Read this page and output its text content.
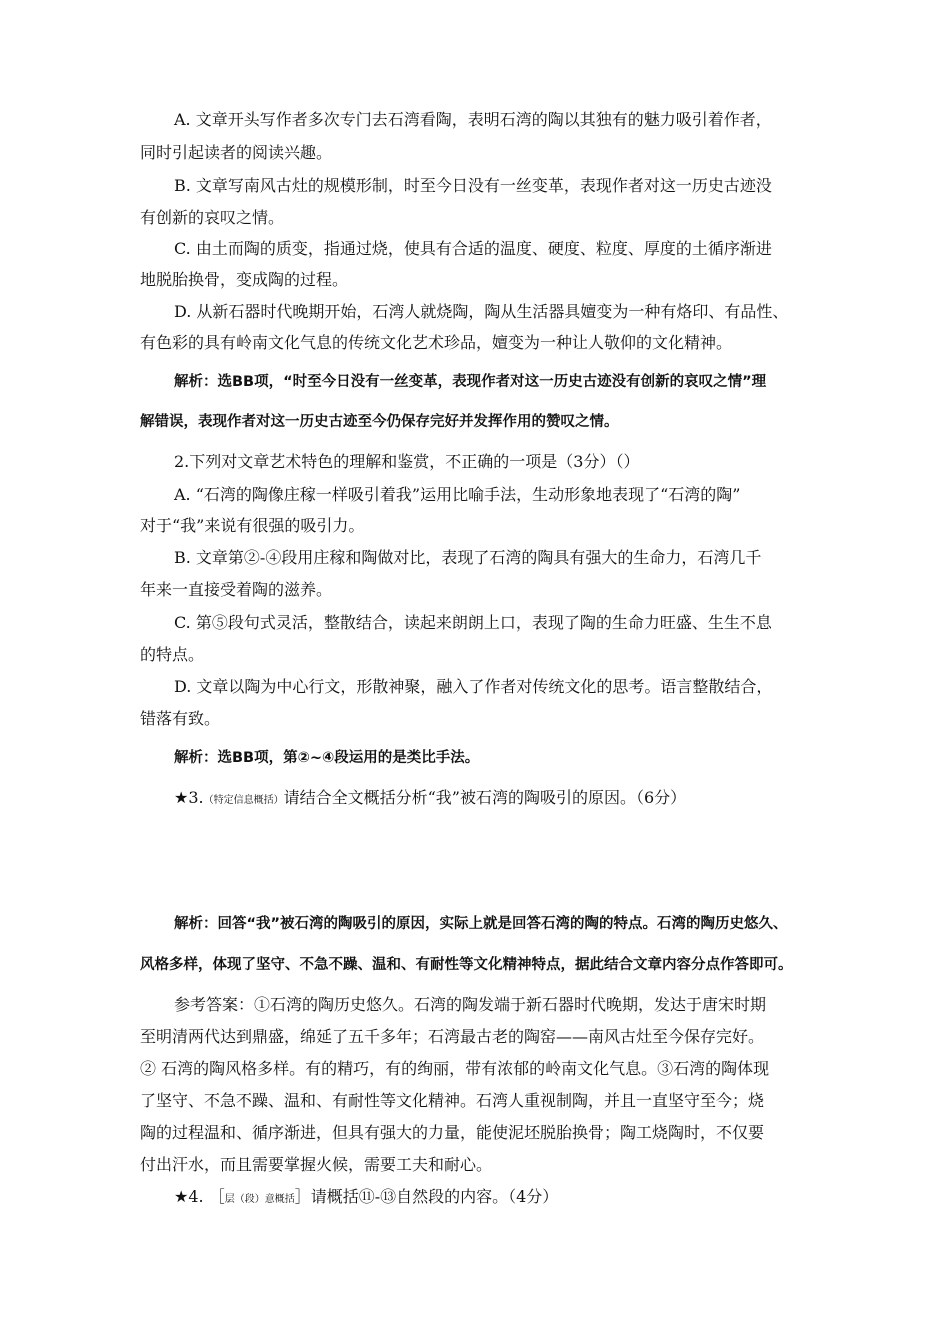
A. 文章开头写作者多次专门去石湾看陶，表明石湾的陶以其独有的魅力吸引着作者，
同时引起读者的阅读兴趣。
B. 文章写南风古灶的规模形制，时至今日没有一丝变革，表现作者对这一历史古迹没
有创新的哀叹之情。
C. 由土而陶的质变，指通过烧，使具有合适的温度、硬度、粒度、厚度的土循序渐进
地脱胎换骨，变成陶的过程。
D. 从新石器时代晚期开始，石湾人就烧陶，陶从生活器具嬗变为一种有烙印、有品性、
有色彩的具有岭南文化气息的传统文化艺术珍品，嬗变为一种让人敬仰的文化精神。
解析：选BB项，“时至今日没有一丝变革，表现作者对这一历史古迹没有创新的哀叹之情”理
解错误，表现作者对这一历史古迹至今仍保存完好并发挥作用的赞叹之情。
2.下列对文章艺术特色的理解和鉴赏，不正确的一项是（3分）（）
A. “石湾的陶像庄稼一样吸引着我”运用比喻手法，生动形象地表现了“石湾的陶”
对于“我”来说有很强的吸引力。
B. 文章第②-④段用庄稼和陶做对比，表现了石湾的陶具有强大的生命力，石湾几千
年来一直接受着陶的滋养。
C. 第⑤段句式灵活，整散结合，读起来朗朗上口，表现了陶的生命力旺盛、生生不息
的特点。
D. 文章以陶为中心行文，形散神聚，融入了作者对传统文化的思考。语言整散结合，
错落有致。
解析：选BB项，第②~④段运用的是类比手法。
★3.（特定信息概括）请结合全文概括分析“我”被石湾的陶吸引的原因。（6分）
解析：回答“我”被石湾的陶吸引的原因，实际上就是回答石湾的陶的特点。石湾的陶历史悠久、
风格多样，体现了坚守、不急不躁、温和、有耐性等文化精神特点，据此结合文章内容分点作答即可。
参考答案：①石湾的陶历史悠久。石湾的陶发端于新石器时代晚期，发达于唐宋时期
至明清两代达到鼎盛，绵延了五千多年；石湾最古老的陶窑——南风古灶至今保存完好。
② 石湾的陶风格多样。有的精巧，有的绚丽，带有浓郁的岭南文化气息。③石湾的陶体现
了坚守、不急不躁、温和、有耐性等文化精神。石湾人重视制陶，并且一直坚守至今；烧
陶的过程温和、循序渐进，但具有强大的力量，能使泥坯脱胎换骨；陶工烧陶时，不仅要
付出汗水，而且需要掌握火候，需要工夫和耐心。
★4. ［层（段）意概括］请概括⑪-⑬自然段的内容。（4分）
